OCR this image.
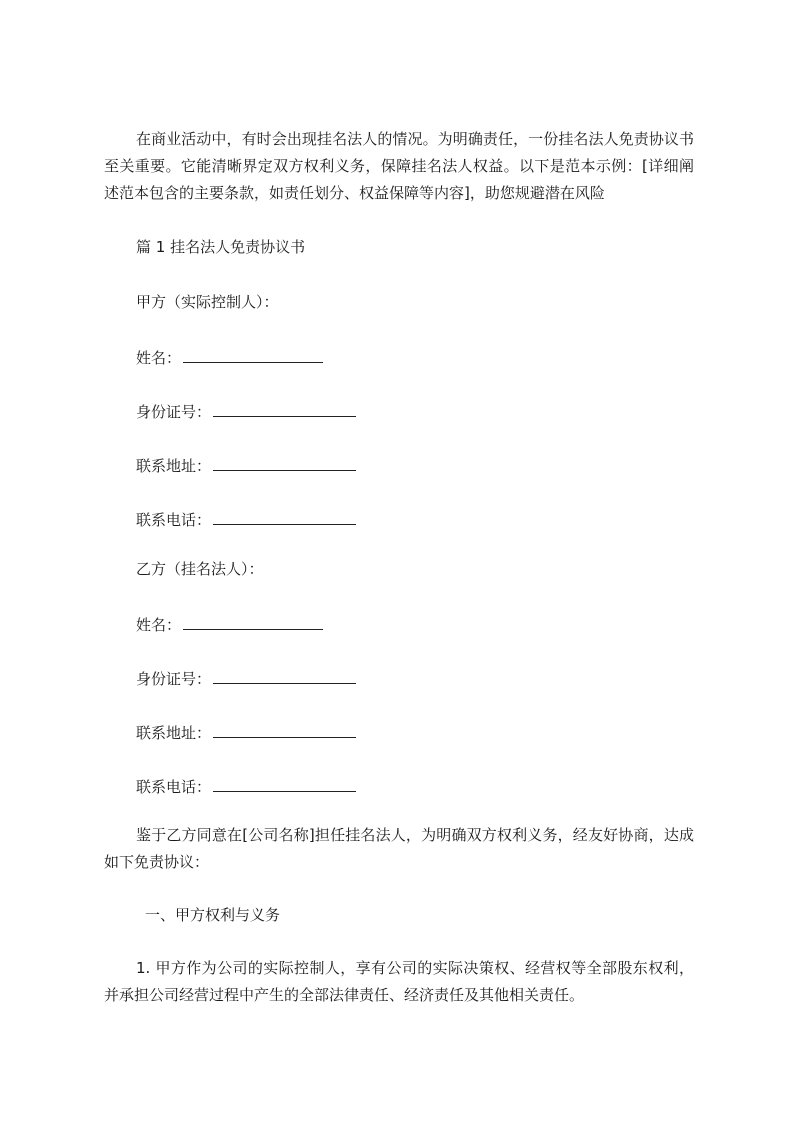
在商业活动中，有时会出现挂名法人的情况。为明确责任，一份挂名法人免责协议书至关重要。它能清晰界定双方权利义务，保障挂名法人权益。以下是范本示例：[详细阐述范本包含的主要条款，如责任划分、权益保障等内容]，助您规避潜在风险
篇 1 挂名法人免责协议书
甲方（实际控制人）：
姓名：
身份证号：
联系地址：
联系电话：
乙方（挂名法人）：
姓名：
身份证号：
联系地址：
联系电话：
鉴于乙方同意在[公司名称]担任挂名法人，为明确双方权利义务，经友好协商，达成如下免责协议：
一、甲方权利与义务
1. 甲方作为公司的实际控制人，享有公司的实际决策权、经营权等全部股东权利，并承担公司经营过程中产生的全部法律责任、经济责任及其他相关责任。
